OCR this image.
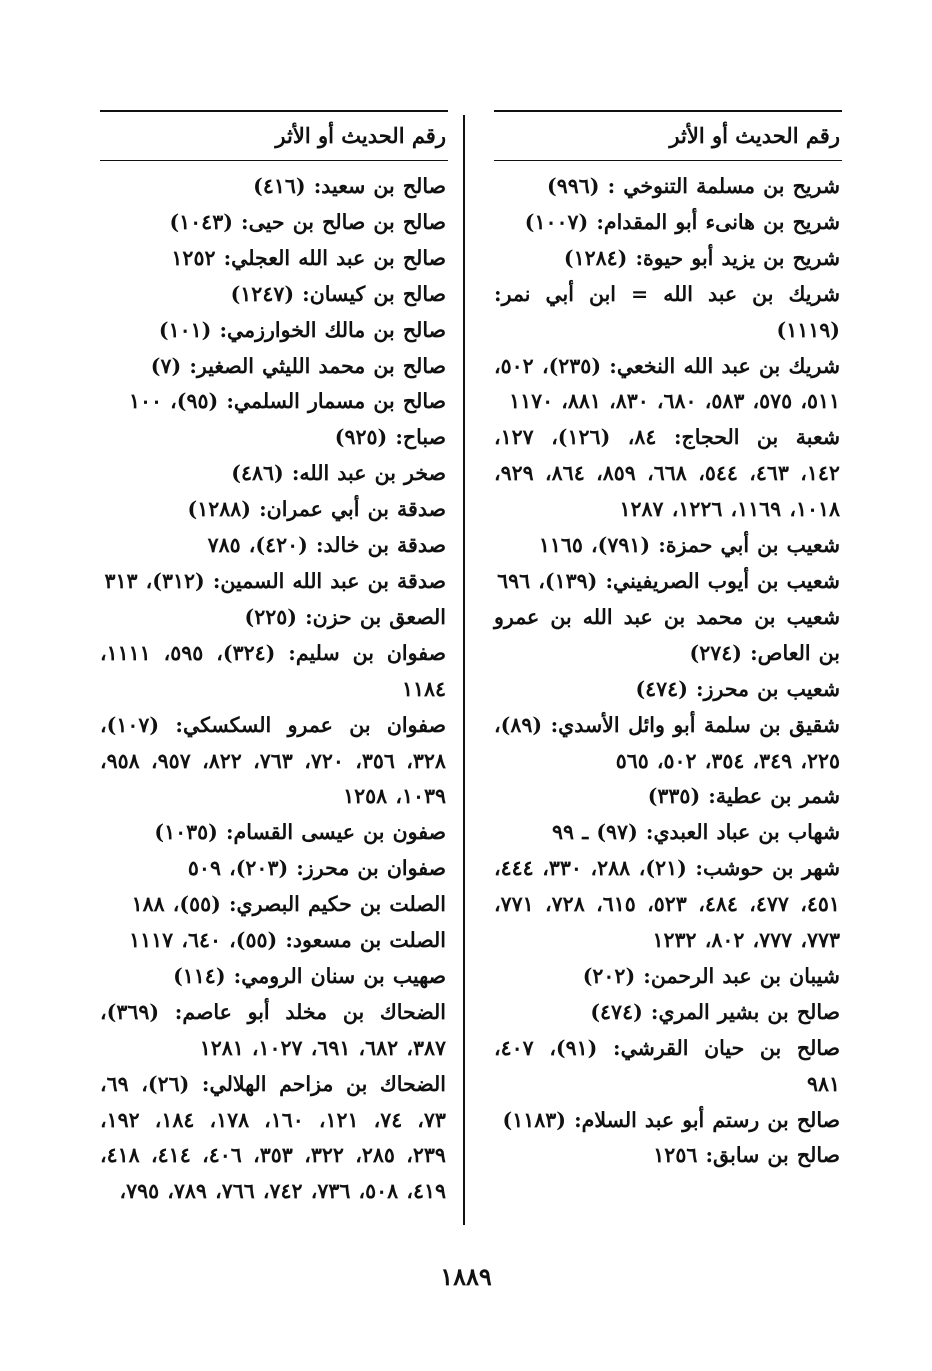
رقم الحديث أو الأثر
شريح بن مسلمة التنوخي : (٩٩٦)
شريح بن هانىء أبو المقدام: (١٠٠٧)
شريح بن يزيد أبو حيوة: (١٢٨٤)
شريك بن عبد الله = ابن أبي نمر: (١١١٩)
شريك بن عبد الله النخعي: (٢٣٥)، ٥٠٢، ٥١١، ٥٧٥، ٥٨٣، ٦٨٠، ٨٣٠، ٨٨١، ١١٧٠
شعبة بن الحجاج: ٨٤، (١٢٦)، ١٢٧، ١٤٢، ٤٦٣، ٥٤٤، ٦٦٨، ٨٥٩، ٨٦٤، ٩٢٩، ١٠١٨، ١١٦٩، ١٢٢٦، ١٢٨٧
شعيب بن أبي حمزة: (٧٩١)، ١١٦٥
شعيب بن أيوب الصريفيني: (١٣٩)، ٦٩٦
شعيب بن محمد بن عبد الله بن عمرو بن العاص: (٢٧٤)
شعيب بن محرز: (٤٧٤)
شقيق بن سلمة أبو وائل الأسدي: (٨٩)، ٢٢٥، ٣٤٩، ٣٥٤، ٥٠٢، ٥٦٥
شمر بن عطية: (٣٣٥)
شهاب بن عباد العبدي: (٩٧) ـ ٩٩
شهر بن حوشب: (٢١)، ٢٨٨، ٣٣٠، ٤٤٤، ٤٥١، ٤٧٧، ٤٨٤، ٥٢٣، ٦١٥، ٧٢٨، ٧٧١، ٧٧٣، ٧٧٧، ٨٠٢، ١٢٣٢
شيبان بن عبد الرحمن: (٢٠٢)
صالح بن بشير المري: (٤٧٤)
صالح بن حيان القرشي: (٩١)، ٤٠٧، ٩٨١
صالح بن رستم أبو عبد السلام: (١١٨٣)
صالح بن سابق: ١٢٥٦
رقم الحديث أو الأثر
صالح بن سعيد: (٤١٦)
صالح بن صالح بن حيى: (١٠٤٣)
صالح بن عبد الله العجلي: ١٢٥٢
صالح بن كيسان: (١٢٤٧)
صالح بن مالك الخوارزمي: (١٠١)
صالح بن محمد الليثي الصغير: (٧)
صالح بن مسمار السلمي: (٩٥)، ١٠٠
صباح: (٩٢٥)
صخر بن عبد الله: (٤٨٦)
صدقة بن أبي عمران: (١٢٨٨)
صدقة بن خالد: (٤٢٠)، ٧٨٥
صدقة بن عبد الله السمين: (٣١٢)، ٣١٣
الصعق بن حزن: (٢٢٥)
صفوان بن سليم: (٣٢٤)، ٥٩٥، ١١١١، ١١٨٤
صفوان بن عمرو السكسكي: (١٠٧)، ٣٢٨، ٣٥٦، ٧٢٠، ٧٦٣، ٨٢٢، ٩٥٧، ٩٥٨، ١٠٣٩، ١٢٥٨
صفون بن عيسى القسام: (١٠٣٥)
صفوان بن محرز: (٢٠٣)، ٥٠٩
الصلت بن حكيم البصري: (٥٥)، ١٨٨
الصلت بن مسعود: (٥٥)، ٦٤٠، ١١١٧
صهيب بن سنان الرومي: (١١٤)
الضحاك بن مخلد أبو عاصم: (٣٦٩)، ٣٨٧، ٦٨٢، ٦٩١، ١٠٢٧، ١٢٨١
الضحاك بن مزاحم الهلالي: (٢٦)، ٦٩، ٧٣، ٧٤، ١٢١، ١٦٠، ١٧٨، ١٨٤، ١٩٢، ٢٣٩، ٢٨٥، ٣٢٢، ٣٥٣، ٤٠٦، ٤١٤، ٤١٨، ٤١٩، ٥٠٨، ٧٣٦، ٧٤٢، ٧٦٦، ٧٨٩، ٧٩٥،
١٨٨٩
